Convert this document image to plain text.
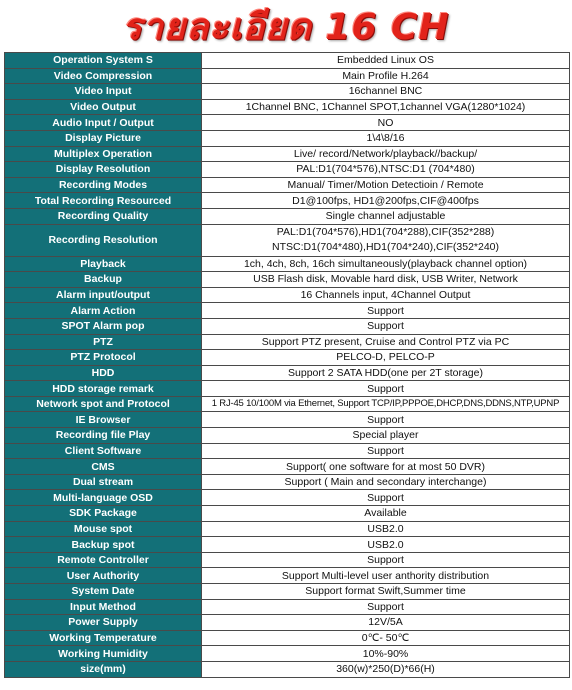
รายละเอียด 16 CH
Operation System S	Embedded Linux OS
Video Compression	Main Profile H.264
Video Input	16channel BNC
Video Output	1Channel BNC, 1Channel SPOT,1channel VGA(1280*1024)
Audio Input / Output	NO
Display Picture	1\4\8/16
Multiplex Operation	Live/ record/Network/playback//backup/
Display Resolution	PAL:D1(704*576),NTSC:D1 (704*480)
Recording Modes	Manual/ Timer/Motion Detectioin / Remote
Total Recording Resourced	D1@100fps, HD1@200fps,CIF@400fps
Recording Quality	Single channel adjustable
Recording Resolution	PAL:D1(704*576),HD1(704*288),CIF(352*288)
NTSC:D1(704*480),HD1(704*240),CIF(352*240)

Playback	1ch, 4ch, 8ch, 16ch simultaneously(playback channel option)
Backup	USB Flash disk, Movable hard disk, USB Writer, Network
Alarm input/output	16 Channels input, 4Channel Output
Alarm Action	Support
SPOT Alarm pop	Support
PTZ	Support PTZ present, Cruise and Control PTZ via PC
PTZ Protocol	PELCO-D, PELCO-P
HDD	Support 2 SATA HDD(one per 2T storage)
HDD storage remark	Support
Network spot and Protocol	1 RJ-45 10/100M via Ethernet, Support TCP/IP,PPPOE,DHCP,DNS,DDNS,NTP,UPNP
IE Browser	Support
Recording file Play	Special player
Client Software	Support
CMS	Support( one software for at most 50 DVR)
Dual stream	Support ( Main and secondary interchange)
Multi-language OSD	Support
SDK Package	Available
Mouse spot	USB2.0
Backup spot	USB2.0
Remote Controller	Support
User Authority	Support Multi-level user anthority distribution
System Date	Support format Swift,Summer time
Input Method	Support
Power Supply	12V/5A
Working Temperature	0℃- 50℃
Working Humidity	10%-90%
size(mm)	360(w)*250(D)*66(H)
